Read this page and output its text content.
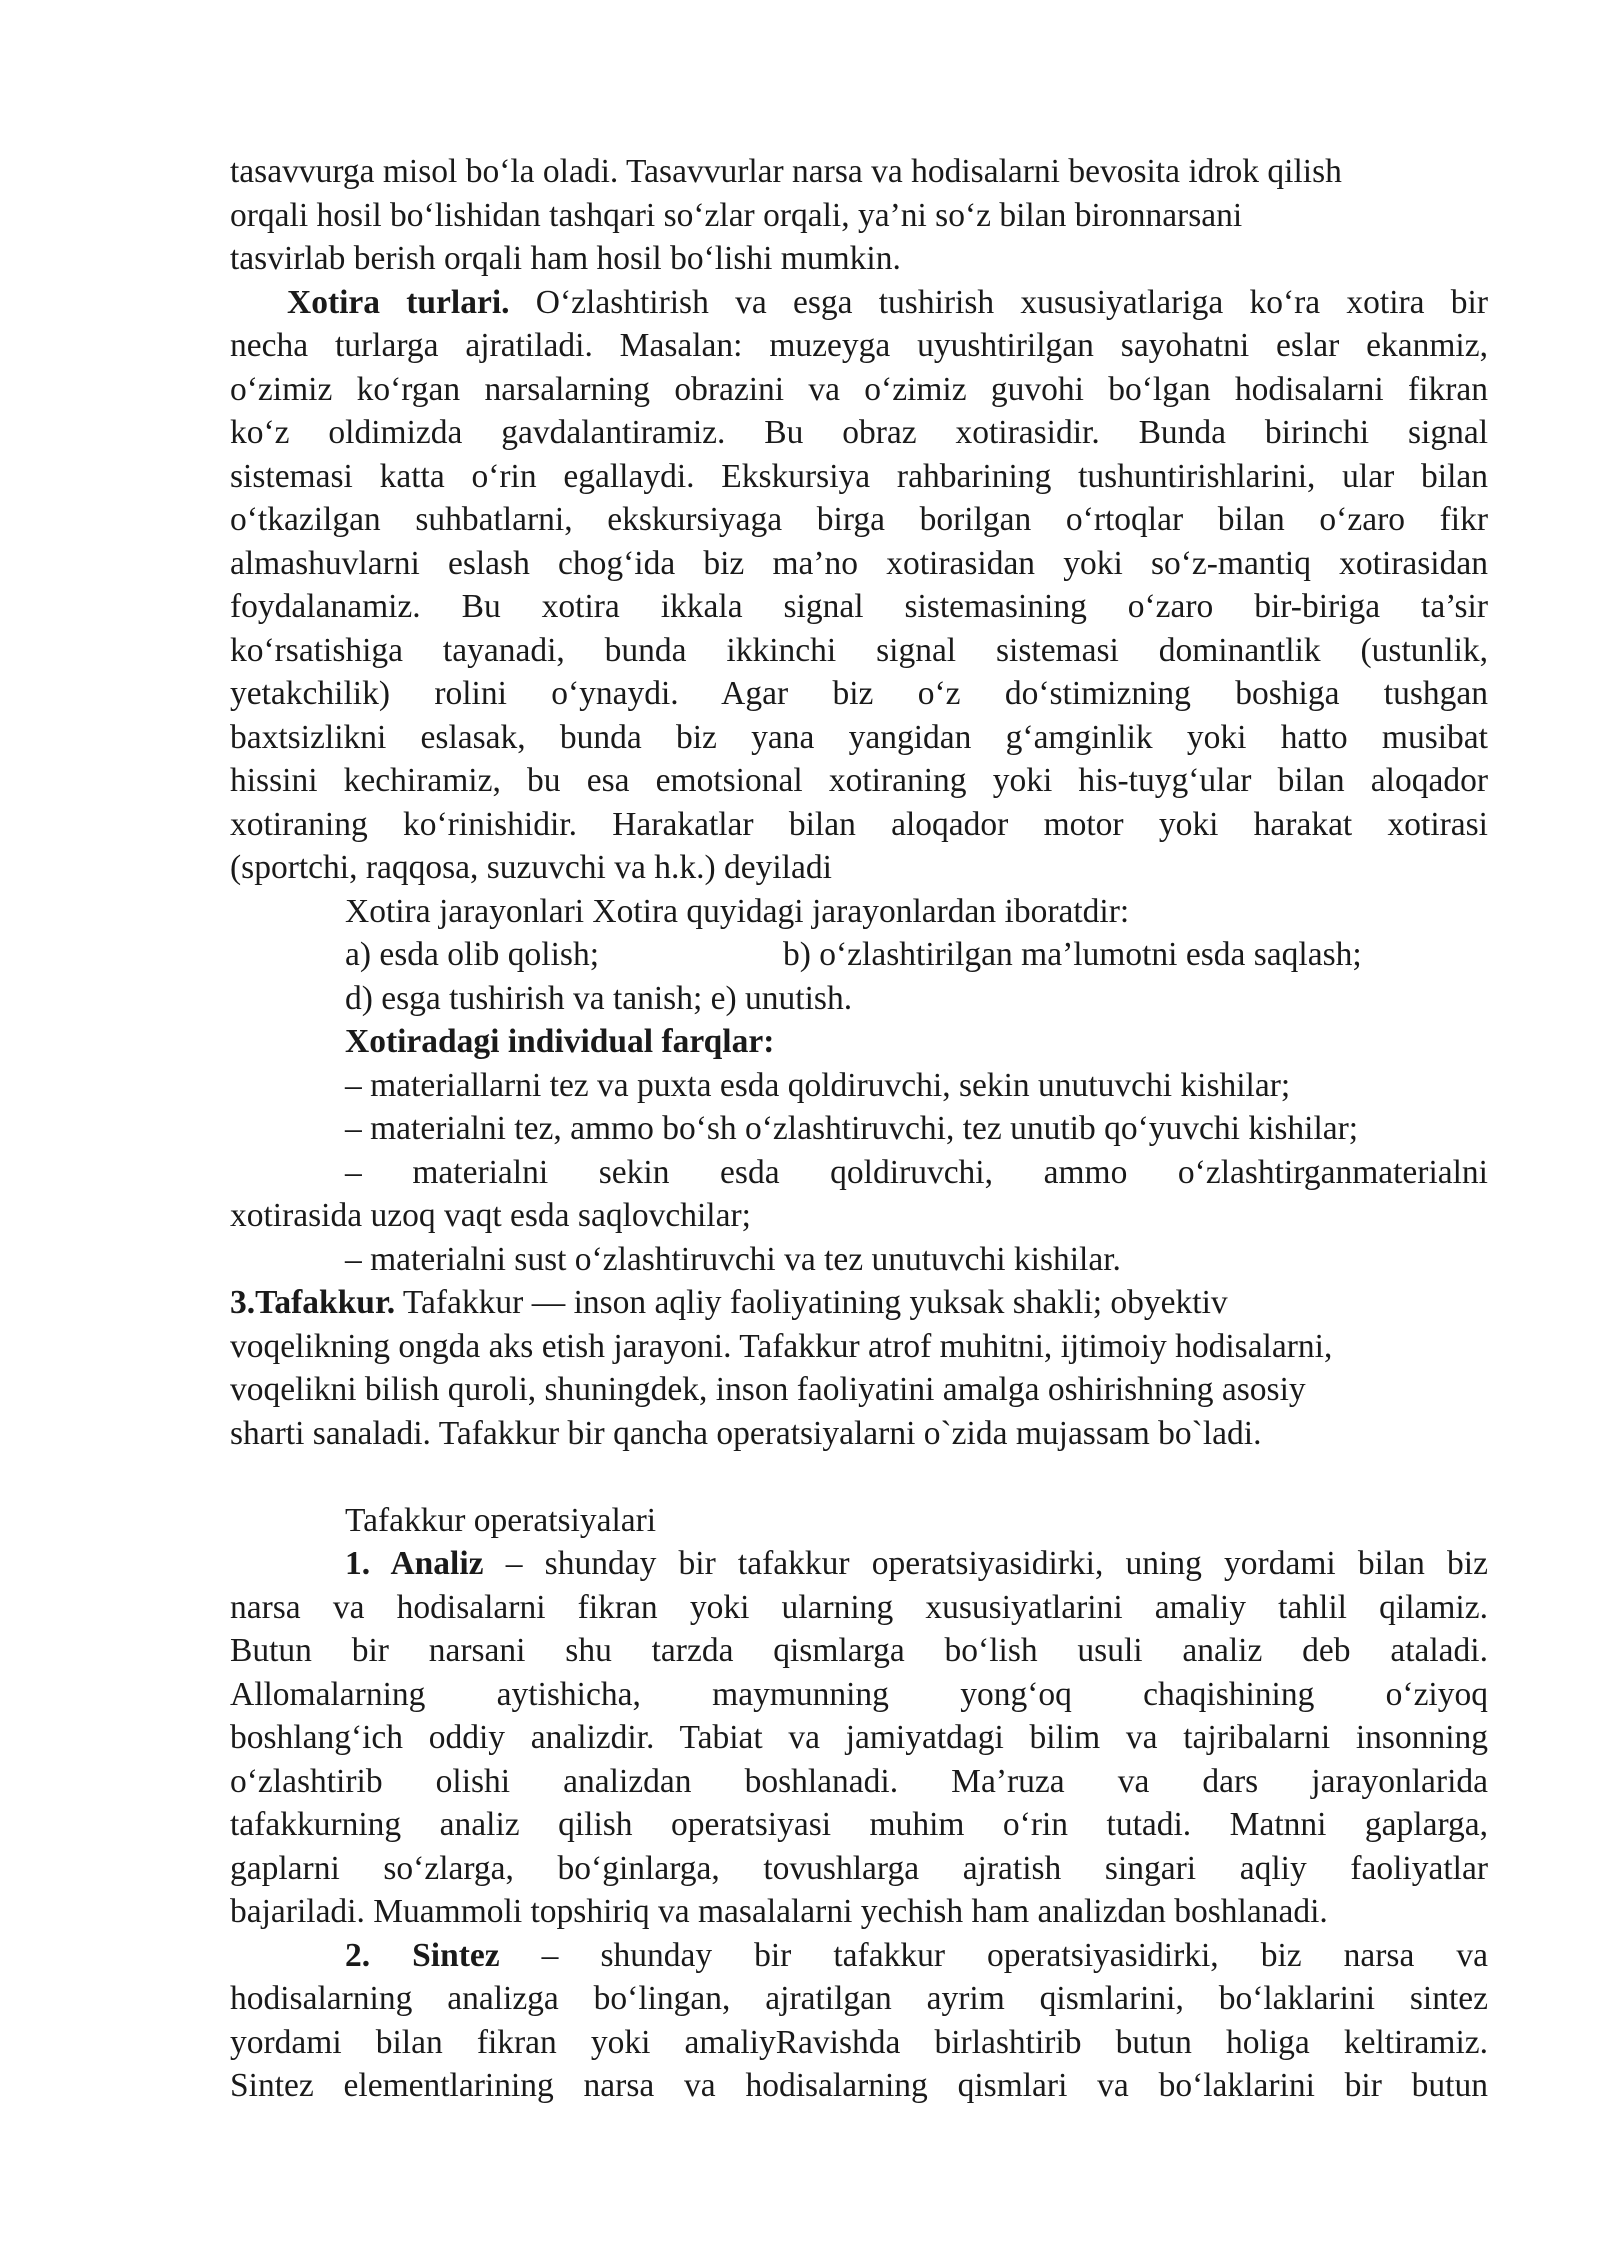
tasavvurga misol bo‘la oladi. Tasavvurlar narsa va hodisalarni bevosita idrok qilish
orqali hosil bo‘lishidan tashqari so‘zlar orqali, ya’ni so‘z bilan bironnarsani
tasvirlab berish orqali ham hosil bo‘lishi mumkin.
Xotira turlari. O‘zlashtirish va esga tushirish xususiyatlariga ko‘ra xotira bir
necha turlarga ajratiladi. Masalan: muzeyga uyushtirilgan sayohatni eslar ekanmiz,
o‘zimiz ko‘rgan narsalarning obrazini va o‘zimiz guvohi bo‘lgan hodisalarni fikran
ko‘z oldimizda gavdalantiramiz. Bu obraz xotirasidir. Bunda birinchi signal
sistemasi katta o‘rin egallaydi. Ekskursiya rahbarining tushuntirishlarini, ular bilan
o‘tkazilgan suhbatlarni, ekskursiyaga birga borilgan o‘rtoqlar bilan o‘zaro fikr
almashuvlarni eslash chog‘ida biz ma’no xotirasidan yoki so‘z-mantiq xotirasidan
foydalanamiz. Bu xotira ikkala signal sistemasining o‘zaro bir-biriga ta’sir
ko‘rsatishiga tayanadi, bunda ikkinchi signal sistemasi dominantlik (ustunlik,
yetakchilik) rolini o‘ynaydi. Agar biz o‘z do‘stimizning boshiga tushgan
baxtsizlikni eslasak, bunda biz yana yangidan g‘amginlik yoki hatto musibat
hissini kechiramiz, bu esa emotsional xotiraning yoki his-tuyg‘ular bilan aloqador
xotiraning ko‘rinishidir. Harakatlar bilan aloqador motor yoki harakat xotirasi
(sportchi, raqqosa, suzuvchi va h.k.) deyiladi
Xotira jarayonlari Xotira quyidagi jarayonlardan iboratdir:
a) esda olib qolish;	b) o‘zlashtirilgan ma’lumotni esda saqlash;
d) esga tushirish va tanish; e) unutish.
Xotiradagi individual farqlar:
– materiallarni tez va puxta esda qoldiruvchi, sekin unutuvchi kishilar;
– materialni tez, ammo bo‘sh o‘zlashtiruvchi, tez unutib qo‘yuvchi kishilar;
– materialni sekin esda qoldiruvchi, ammo o‘zlashtirganmaterialni
xotirasida uzoq vaqt esda saqlovchilar;
– materialni sust o‘zlashtiruvchi va tez unutuvchi kishilar.
3.Tafakkur. Tafakkur — inson aqliy faoliyatining yuksak shakli; obyektiv
voqelikning ongda aks etish jarayoni. Tafakkur atrof muhitni, ijtimoiy hodisalarni,
voqelikni bilish quroli, shuningdek, inson faoliyatini amalga oshirishning asosiy
sharti sanaladi. Tafakkur bir qancha operatsiyalarni o`zida mujassam bo`ladi.
Tafakkur operatsiyalari
1. Analiz – shunday bir tafakkur operatsiyasidirki, uning yordami bilan biz
narsa va hodisalarni fikran yoki ularning xususiyatlarini amaliy tahlil qilamiz.
Butun bir narsani shu tarzda qismlarga bo‘lish usuli analiz deb ataladi.
Allomalarning aytishicha, maymunning yong‘oq chaqishining o‘ziyoq
boshlang‘ich oddiy analizdir. Tabiat va jamiyatdagi bilim va tajribalarni insonning
o‘zlashtirib olishi analizdan boshlanadi. Ma’ruza va dars jarayonlarida
tafakkurning analiz qilish operatsiyasi muhim o‘rin tutadi. Matnni gaplarga,
gaplarni so‘zlarga, bo‘ginlarga, tovushlarga ajratish singari aqliy faoliyatlar
bajariladi. Muammoli topshiriq va masalalarni yechish ham analizdan boshlanadi.
2. Sintez – shunday bir tafakkur operatsiyasidirki, biz narsa va
hodisalarning analizga bo‘lingan, ajratilgan ayrim qismlarini, bo‘laklarini sintez
yordami bilan fikran yoki amaliyRavishda birlashtirib butun holiga keltiramiz.
Sintez elementlarining narsa va hodisalarning qismlari va bo‘laklarini bir butun
